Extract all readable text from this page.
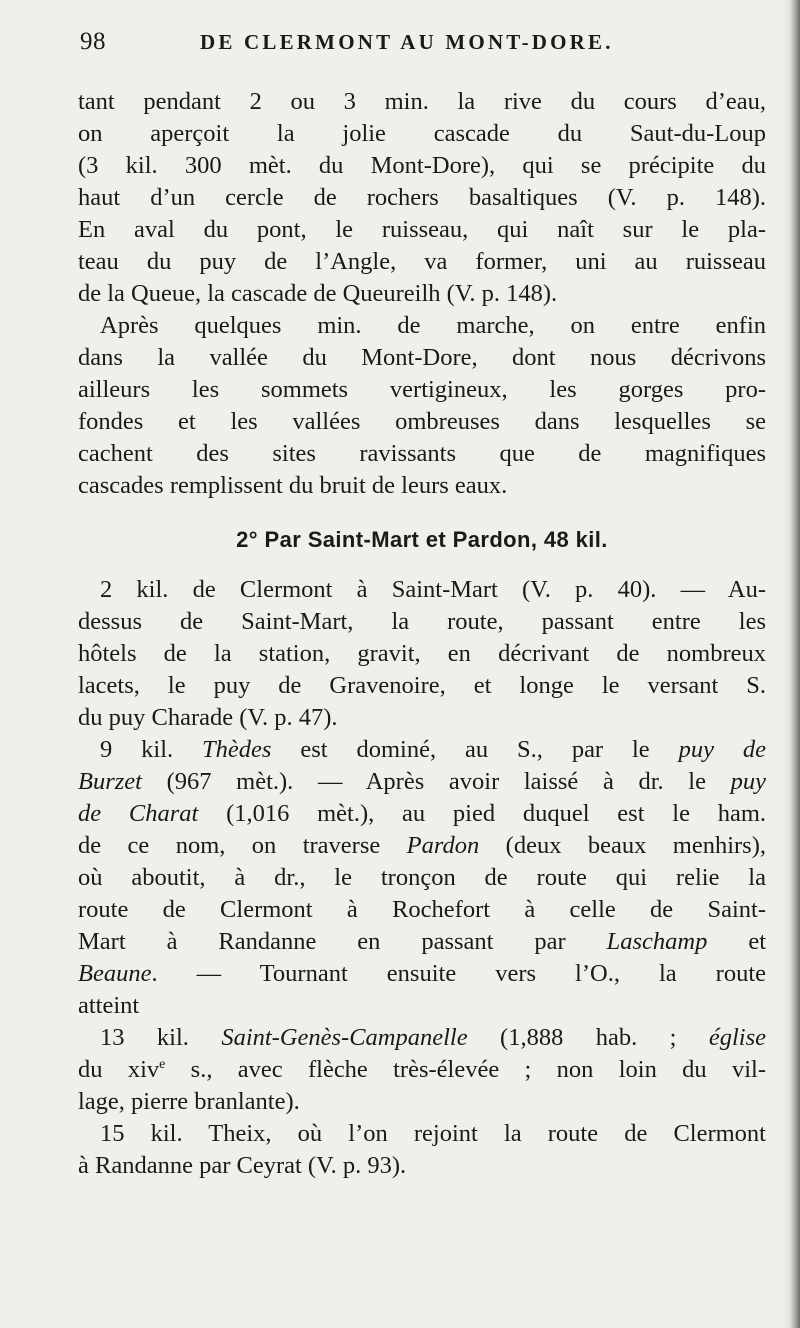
98	DE CLERMONT AU MONT-DORE.
tant pendant 2 ou 3 min. la rive du cours d’eau,
on aperçoit la jolie cascade du Saut-du-Loup
(3 kil. 300 mèt. du Mont-Dore), qui se précipite du
haut d’un cercle de rochers basaltiques (V. p. 148).
En aval du pont, le ruisseau, qui naît sur le pla-
teau du puy de l’Angle, va former, uni au ruisseau
de la Queue, la cascade de Queureilh (V. p. 148).
Après quelques min. de marche, on entre enfin
dans la vallée du Mont-Dore, dont nous décrivons
ailleurs les sommets vertigineux, les gorges pro-
fondes et les vallées ombreuses dans lesquelles se
cachent des sites ravissants que de magnifiques
cascades remplissent du bruit de leurs eaux.
2° Par Saint-Mart et Pardon, 48 kil.
2 kil. de Clermont à Saint-Mart (V. p. 40). — Au-
dessus de Saint-Mart, la route, passant entre les
hôtels de la station, gravit, en décrivant de nombreux
lacets, le puy de Gravenoire, et longe le versant S.
du puy Charade (V. p. 47).
9 kil. Thèdes est dominé, au S., par le puy de
Burzet (967 mèt.). — Après avoir laissé à dr. le puy
de Charat (1,016 mèt.), au pied duquel est le ham.
de ce nom, on traverse Pardon (deux beaux menhirs),
où aboutit, à dr., le tronçon de route qui relie la
route de Clermont à Rochefort à celle de Saint-
Mart à Randanne en passant par Laschamp et
Beaune. — Tournant ensuite vers l’O., la route
atteint
13 kil. Saint-Genès-Campanelle (1,888 hab. ; église
du xiv$^e$ s., avec flèche très-élevée ; non loin du vil-
lage, pierre branlante).
15 kil. Theix, où l’on rejoint la route de Clermont
à Randanne par Ceyrat (V. p. 93).
